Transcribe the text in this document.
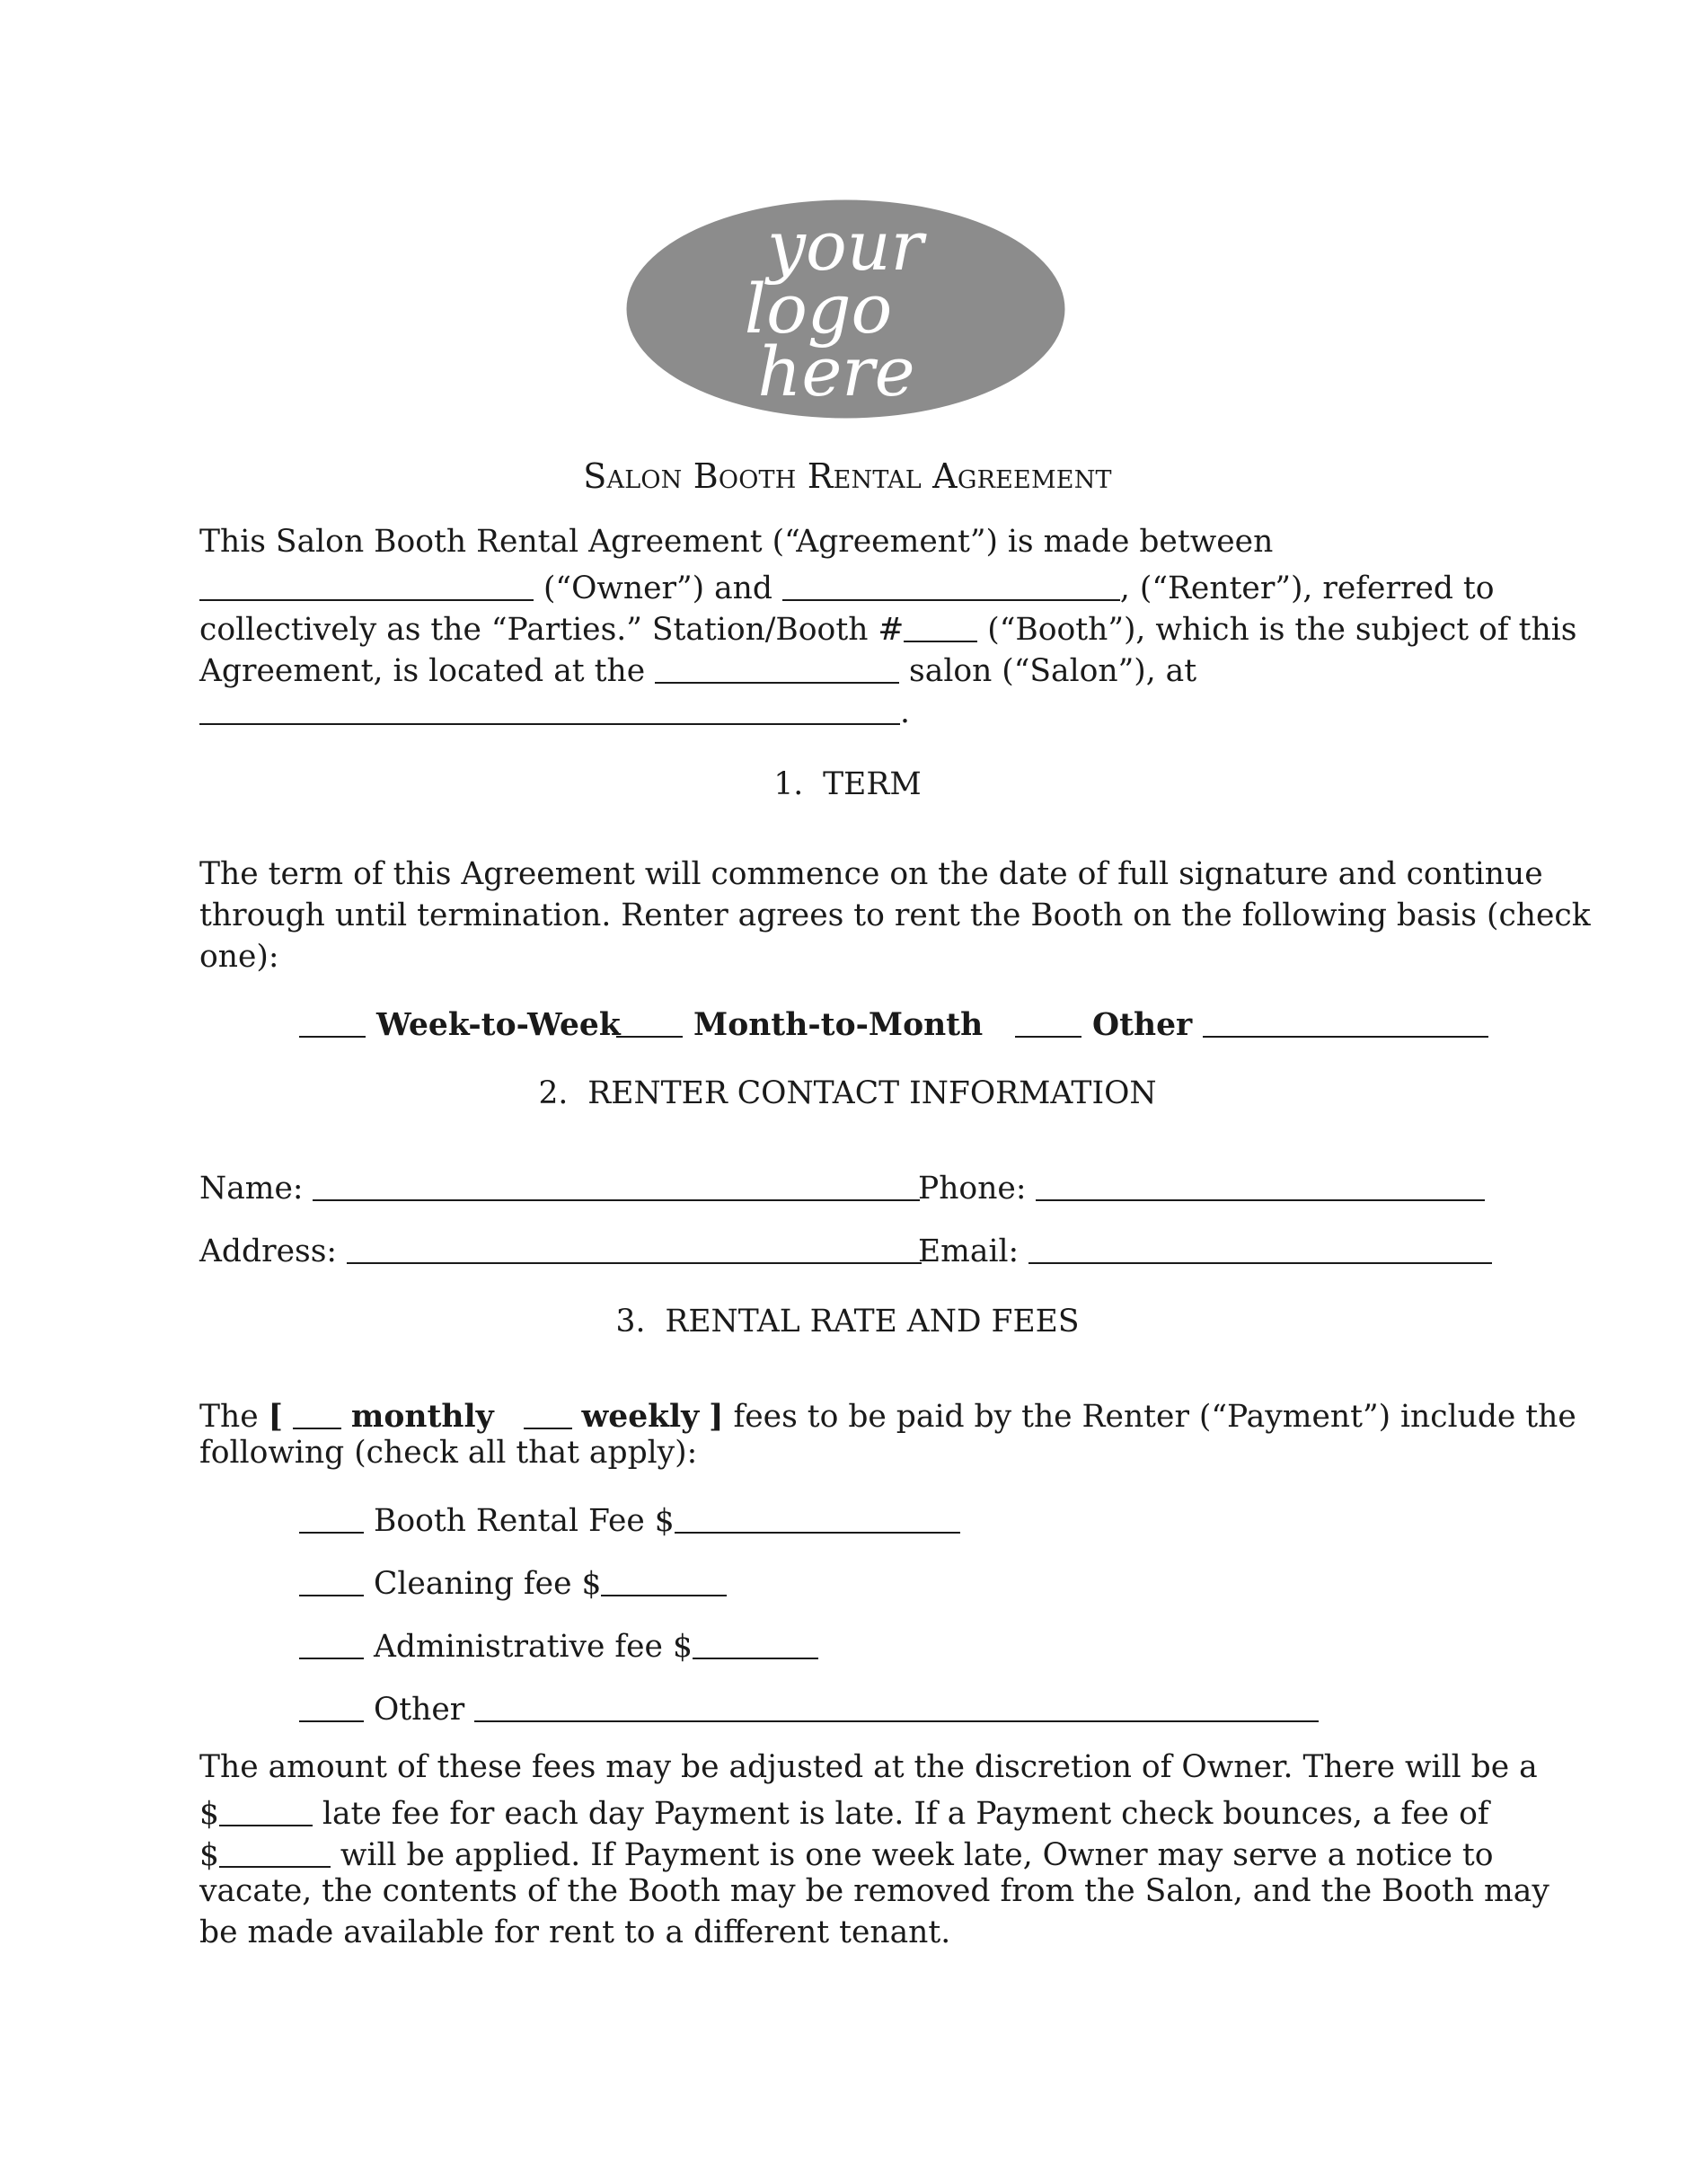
your
logo
here
Salon Booth Rental Agreement
This Salon Booth Rental Agreement (“Agreement”) is made between
(“Owner”) and	, (“Renter”), referred to
collectively as the “Parties.” Station/Booth # (“Booth”), which is the subject of this
Agreement, is located at the	salon (“Salon”), at
.
1. TERM
The term of this Agreement will commence on the date of full signature and continue
through until termination. Renter agrees to rent the Booth on the following basis (check
one):
Week-to-Week	Month-to-Month	Other
2. RENTER CONTACT INFORMATION
Name:	Phone:
Address:	Email:
3. RENTAL RATE AND FEES
The [ monthly	weekly ] fees to be paid by the Renter (“Payment”) include the
following (check all that apply):
Booth Rental Fee $
Cleaning fee $
Administrative fee $
Other
The amount of these fees may be adjusted at the discretion of Owner. There will be a
$	late fee for each day Payment is late. If a Payment check bounces, a fee of
$	will be applied. If Payment is one week late, Owner may serve a notice to
vacate, the contents of the Booth may be removed from the Salon, and the Booth may
be made available for rent to a different tenant.
